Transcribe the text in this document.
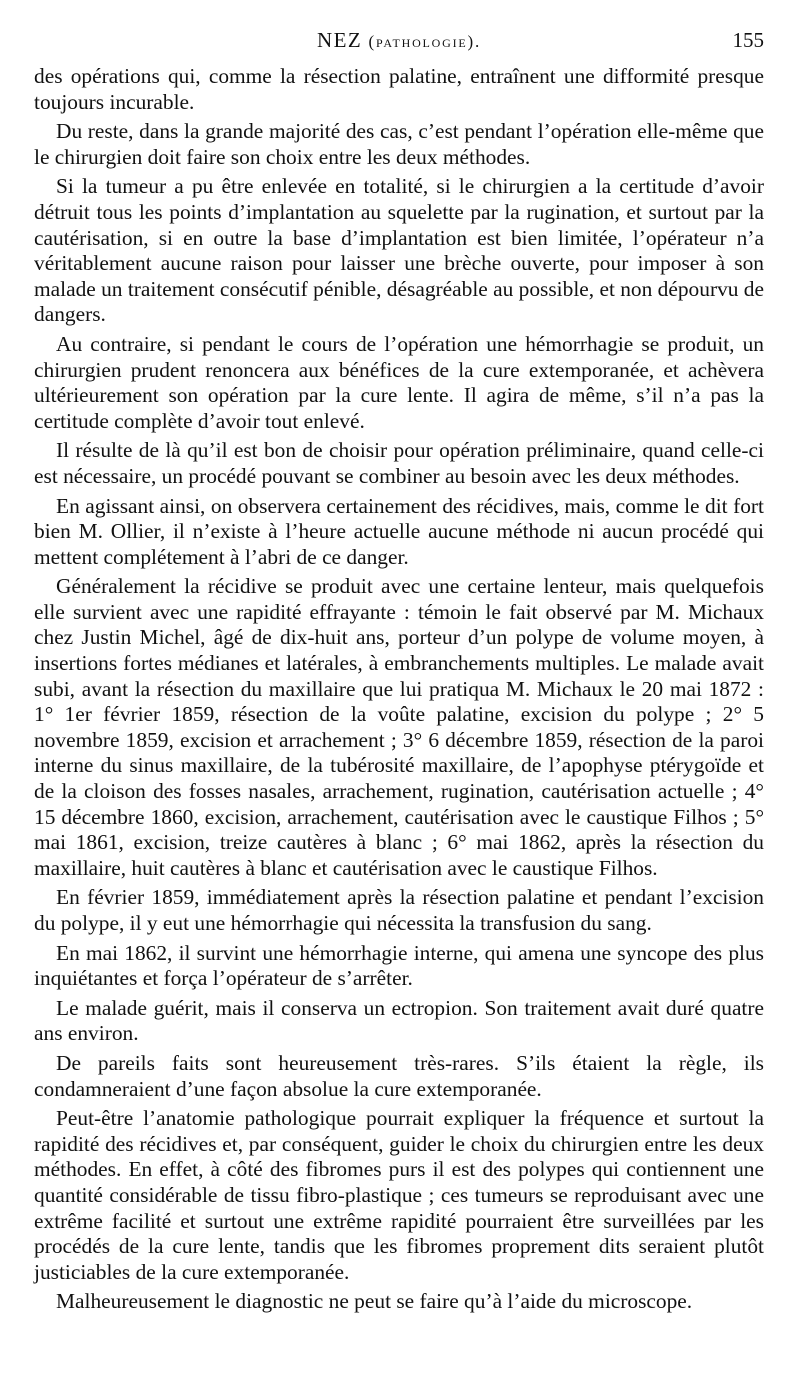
NEZ (pathologie).	155

des opérations qui, comme la résection palatine, entraînent une difformité presque toujours incurable.

Du reste, dans la grande majorité des cas, c’est pendant l’opération elle-même que le chirurgien doit faire son choix entre les deux méthodes.

Si la tumeur a pu être enlevée en totalité, si le chirurgien a la certitude d’avoir détruit tous les points d’implantation au squelette par la rugination, et surtout par la cautérisation, si en outre la base d’implantation est bien limitée, l’opérateur n’a véritablement aucune raison pour laisser une brèche ouverte, pour imposer à son malade un traitement consécutif pénible, désagréable au possible, et non dépourvu de dangers.

Au contraire, si pendant le cours de l’opération une hémorrhagie se produit, un chirurgien prudent renoncera aux bénéfices de la cure extemporanée, et achèvera ultérieurement son opération par la cure lente. Il agira de même, s’il n’a pas la certitude complète d’avoir tout enlevé.

Il résulte de là qu’il est bon de choisir pour opération préliminaire, quand celle-ci est nécessaire, un procédé pouvant se combiner au besoin avec les deux méthodes.

En agissant ainsi, on observera certainement des récidives, mais, comme le dit fort bien M. Ollier, il n’existe à l’heure actuelle aucune méthode ni aucun procédé qui mettent complétement à l’abri de ce danger.

Généralement la récidive se produit avec une certaine lenteur, mais quelquefois elle survient avec une rapidité effrayante : témoin le fait observé par M. Michaux chez Justin Michel, âgé de dix-huit ans, porteur d’un polype de volume moyen, à insertions fortes médianes et latérales, à embranchements multiples. Le malade avait subi, avant la résection du maxillaire que lui pratiqua M. Michaux le 20 mai 1872 : 1° 1er février 1859, résection de la voûte palatine, excision du polype ; 2° 5 novembre 1859, excision et arrachement ; 3° 6 décembre 1859, résection de la paroi interne du sinus maxillaire, de la tubérosité maxillaire, de l’apophyse ptérygoïde et de la cloison des fosses nasales, arrachement, rugination, cautérisation actuelle ; 4° 15 décembre 1860, excision, arrachement, cautérisation avec le caustique Filhos ; 5° mai 1861, excision, treize cautères à blanc ; 6° mai 1862, après la résection du maxillaire, huit cautères à blanc et cautérisation avec le caustique Filhos.

En février 1859, immédiatement après la résection palatine et pendant l’excision du polype, il y eut une hémorrhagie qui nécessita la transfusion du sang.

En mai 1862, il survint une hémorrhagie interne, qui amena une syncope des plus inquiétantes et força l’opérateur de s’arrêter.

Le malade guérit, mais il conserva un ectropion. Son traitement avait duré quatre ans environ.

De pareils faits sont heureusement très-rares. S’ils étaient la règle, ils condamneraient d’une façon absolue la cure extemporanée.

Peut-être l’anatomie pathologique pourrait expliquer la fréquence et surtout la rapidité des récidives et, par conséquent, guider le choix du chirurgien entre les deux méthodes. En effet, à côté des fibromes purs il est des polypes qui contiennent une quantité considérable de tissu fibro-plastique ; ces tumeurs se reproduisant avec une extrême facilité et surtout une extrême rapidité pourraient être surveillées par les procédés de la cure lente, tandis que les fibromes proprement dits seraient plutôt justiciables de la cure extemporanée.

Malheureusement le diagnostic ne peut se faire qu’à l’aide du microscope.
